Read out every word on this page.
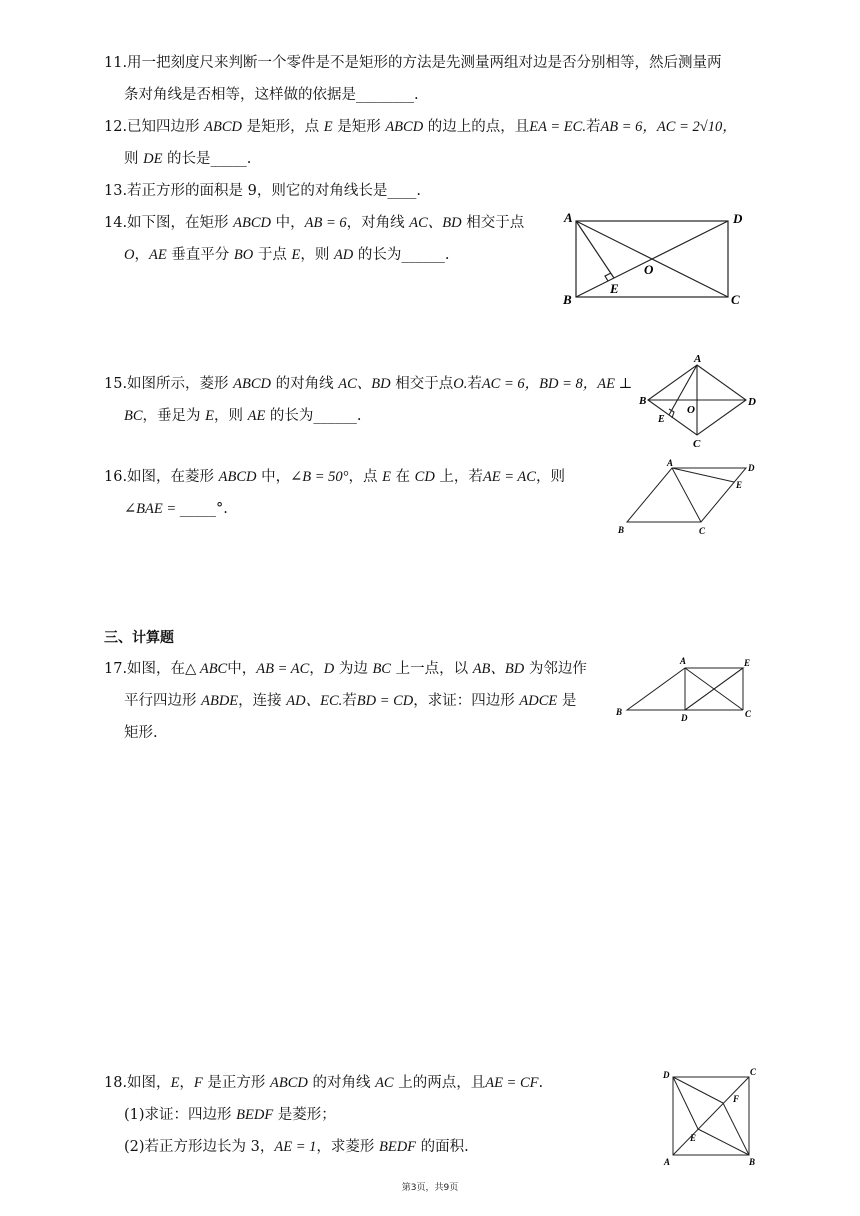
11.用一把刻度尺来判断一个零件是不是矩形的方法是先测量两组对边是否分别相等，然后测量两
条对角线是否相等，这样做的依据是________.
12.已知四边形 ABCD 是矩形，点 E 是矩形 ABCD 的边上的点，且EA = EC.若AB = 6，AC = 2√10，
则 DE 的长是_____.
13.若正方形的面积是 9，则它的对角线长是____.
14.如下图，在矩形 ABCD 中，AB = 6，对角线 AC、BD 相交于点
O，AE 垂直平分 BO 于点 E，则 AD 的长为______.
A	D
B	C
E
O
A
B	D
C
E
O
A	D
E
B	C
A	E
B
D	C
D	C
F
E
A	B
15.如图所示，菱形 ABCD 的对角线 AC、BD 相交于点O.若AC = 6，BD = 8，AE ⊥
BC，垂足为 E，则 AE 的长为______.
16.如图，在菱形 ABCD 中，∠B = 50°，点 E 在 CD 上，若AE = AC，则
∠BAE = _____°.
三、计算题
17.如图，在△ ABC中，AB = AC，D 为边 BC 上一点，以 AB、BD 为邻边作
平行四边形 ABDE，连接 AD、EC.若BD = CD，求证：四边形 ADCE 是
矩形.
18.如图，E，F 是正方形 ABCD 的对角线 AC 上的两点，且AE = CF.
(1)求证：四边形 BEDF 是菱形；
(2)若正方形边长为 3，AE = 1，求菱形 BEDF 的面积.
第3页，共9页
